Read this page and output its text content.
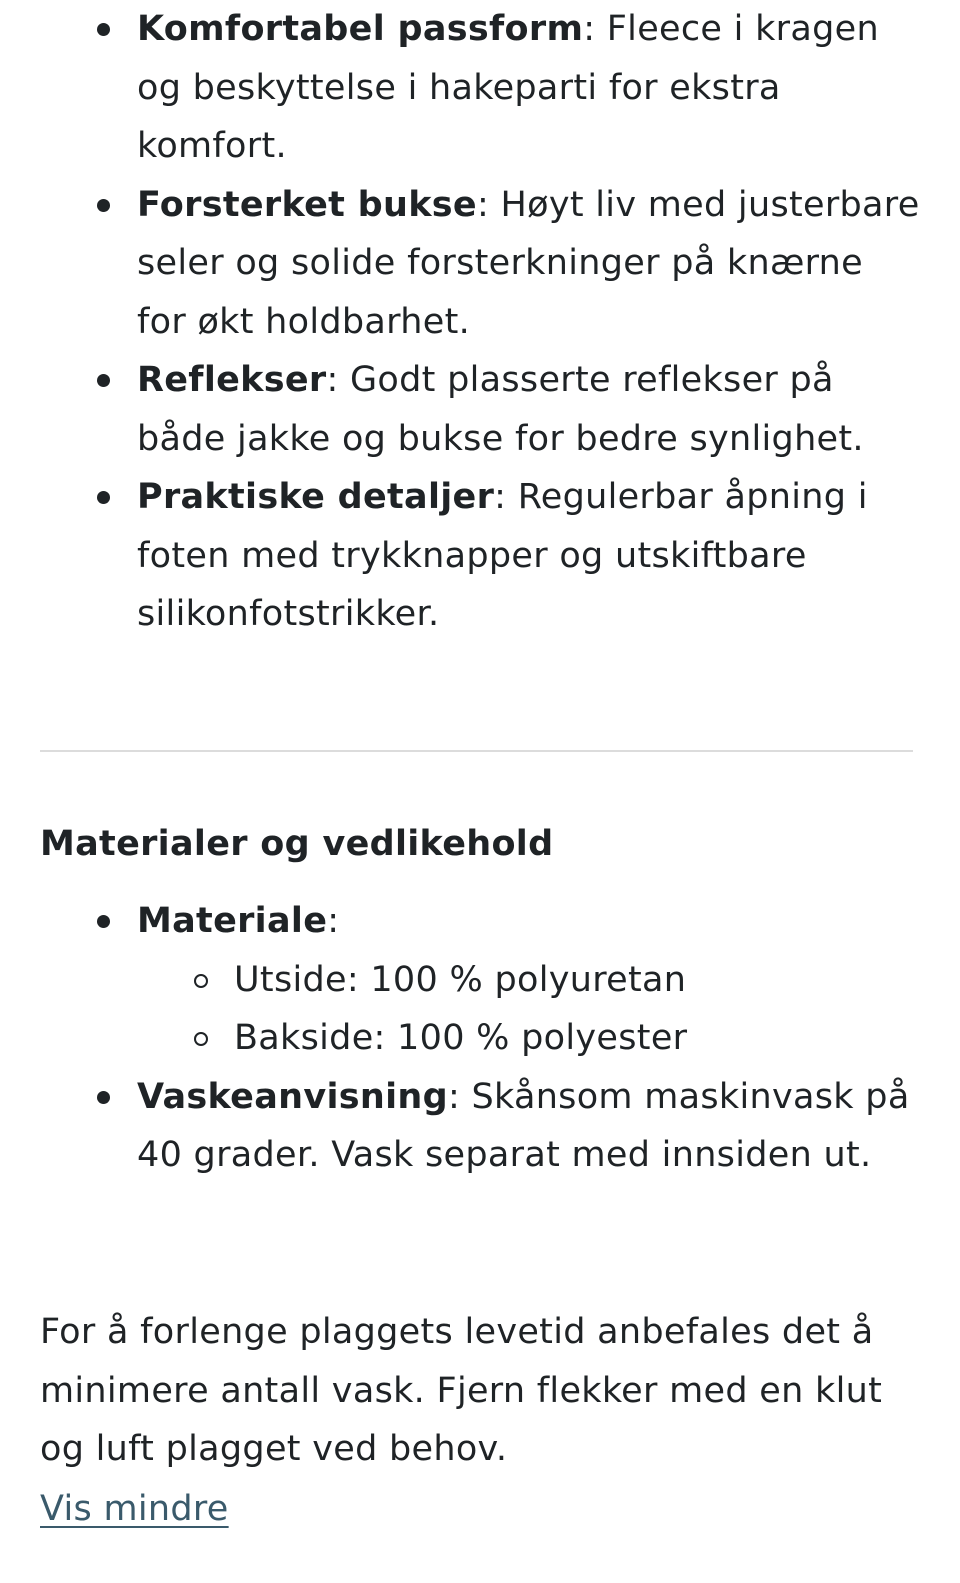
Komfortabel passform: Fleece i kragen og beskyttelse i hakeparti for ekstra komfort.
Forsterket bukse: Høyt liv med justerbare seler og solide forsterkninger på knærne for økt holdbarhet.
Reflekser: Godt plasserte reflekser på både jakke og bukse for bedre synlighet.
Praktiske detaljer: Regulerbar åpning i foten med trykknapper og utskiftbare silikonfotstrikker.
Materialer og vedlikehold
Materiale:
Utside: 100 % polyuretan
Bakside: 100 % polyester
Vaskeanvisning: Skånsom maskinvask på 40 grader. Vask separat med innsiden ut.

For å forlenge plaggets levetid anbefales det å minimere antall vask. Fjern flekker med en klut og luft plagget ved behov.

Vis mindre
